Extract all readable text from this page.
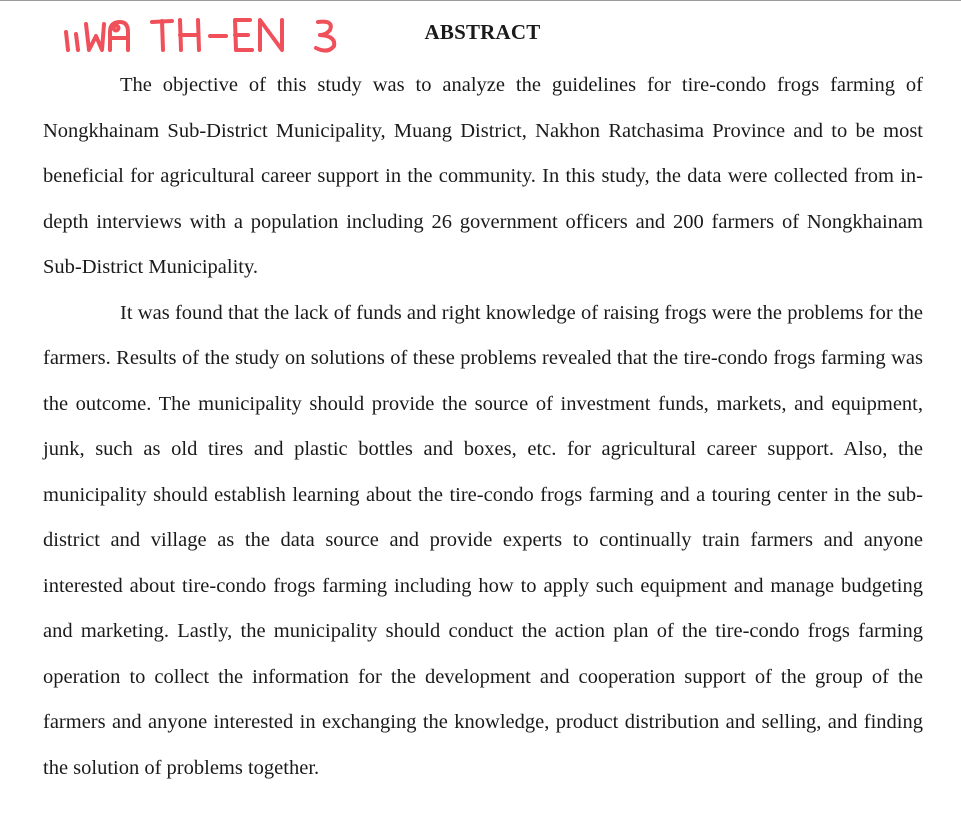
ABSTRACT

The objective of this study was to analyze the guidelines for tire-condo frogs farming of Nongkhainam Sub-District Municipality, Muang District, Nakhon Ratchasima Province and to be most beneficial for agricultural career support in the community. In this study, the data were collected from in-depth interviews with a population including 26 government officers and 200 farmers of Nongkhainam Sub-District Municipality.

It was found that the lack of funds and right knowledge of raising frogs were the problems for the farmers. Results of the study on solutions of these problems revealed that the tire-condo frogs farming was the outcome. The municipality should provide the source of investment funds, markets, and equipment, junk, such as old tires and plastic bottles and boxes, etc. for agricultural career support. Also, the municipality should establish learning about the tire-condo frogs farming and a touring center in the sub-district and village as the data source and provide experts to continually train farmers and anyone interested about tire-condo frogs farming including how to apply such equipment and manage budgeting and marketing. Lastly, the municipality should conduct the action plan of the tire-condo frogs farming operation to collect the information for the development and cooperation support of the group of the farmers and anyone interested in exchanging the knowledge, product distribution and selling, and finding the solution of problems together.
